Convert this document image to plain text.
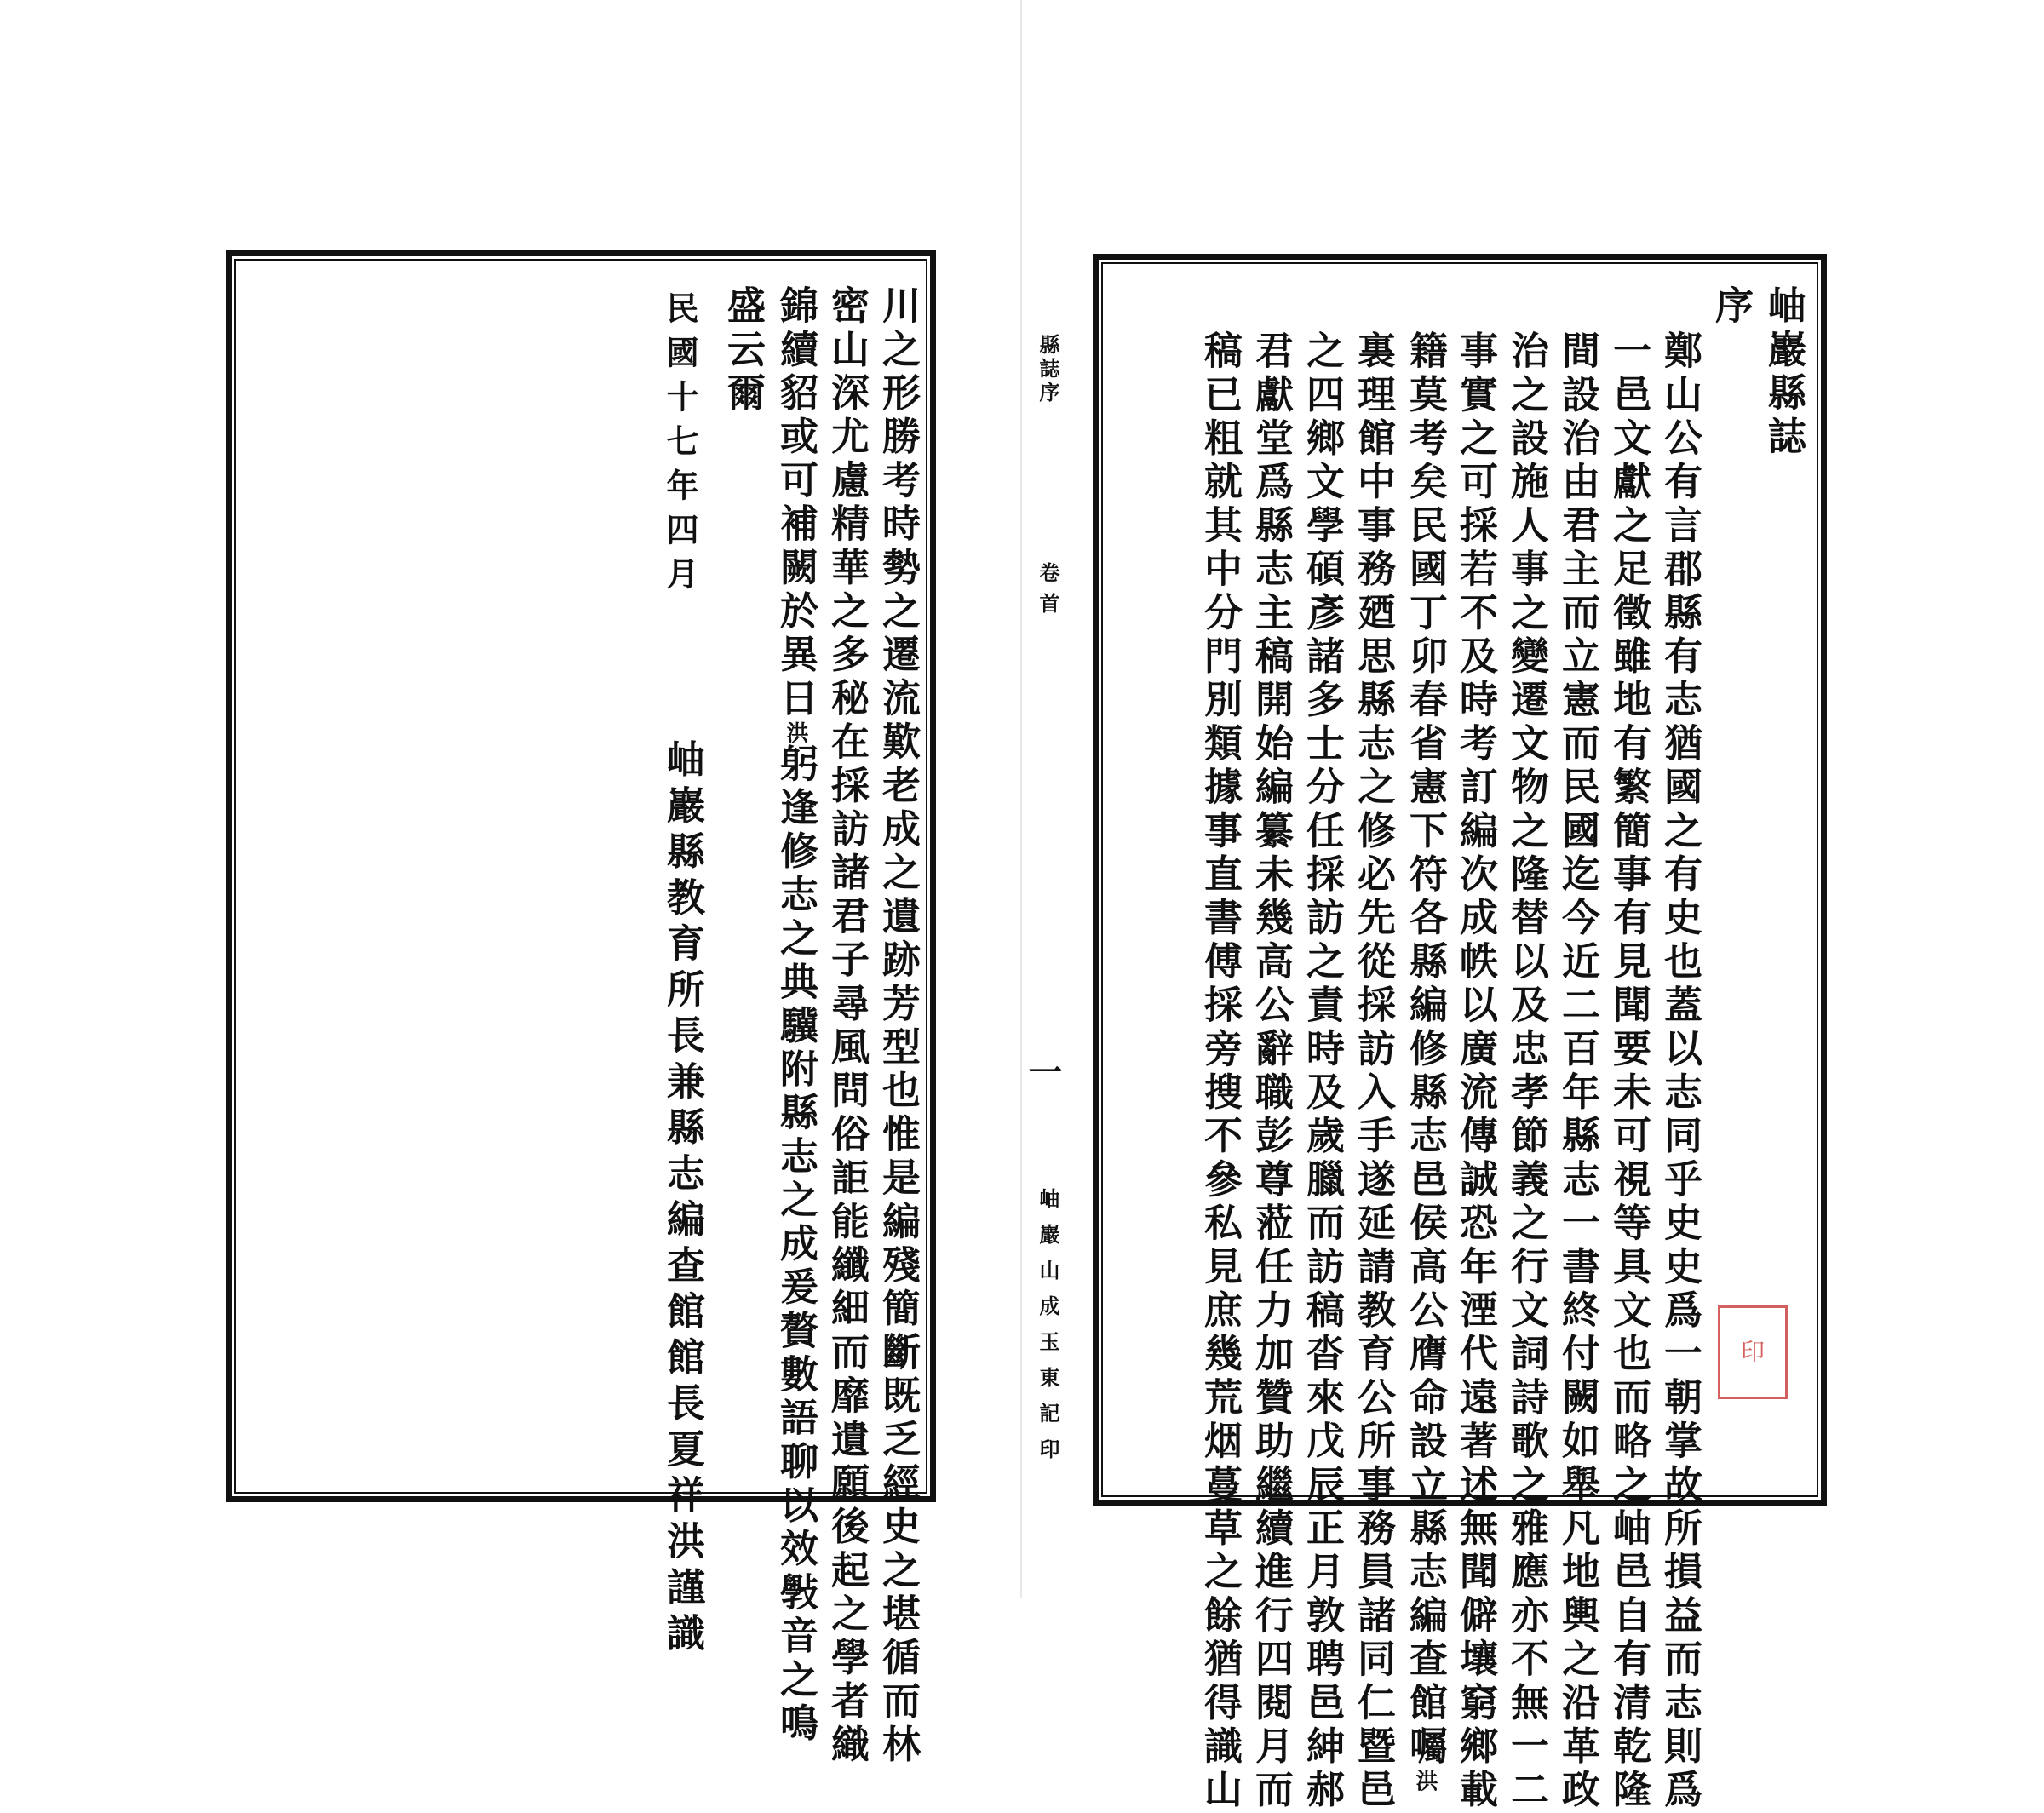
川之形勝考時勢之遷流歎老成之遺跡芳型也惟是編殘簡斷既乏經史之堪循而林
密山深尤慮精華之多秘在採訪諸君子尋風問俗詎能纖細而靡遺願後起之學者織
錦續貂或可補闕於異日洪躬逢修志之典驥附縣志之成爰贅數語聊以效斅音之鳴
盛云爾
民國十七年四月
岫巖縣教育所長兼縣志編查館館長夏祥洪謹識
縣誌序
卷首
一
岫巖山成玉東記印
岫巖縣誌
序
鄭山公有言郡縣有志猶國之有史也蓋以志同乎史史爲一朝掌故所損益而志則爲
一邑文獻之足徵雖地有繁簡事有見聞要未可視等具文也而略之岫邑自有清乾隆
間設治由君主而立憲而民國迄今近二百年縣志一書終付闕如舉凡地輿之沿革政
治之設施人事之變遷文物之隆替以及忠孝節義之行文詞詩歌之雅應亦不無一二
事實之可採若不及時考訂編次成帙以廣流傳誠恐年湮代遠著述無聞僻壤窮鄉載
籍莫考矣民國丁卯春省憲下符各縣編修縣志邑侯高公膺命設立縣志編查館囑洪
裏理館中事務廼思縣志之修必先從採訪入手遂延請教育公所事務員諸同仁暨邑
之四鄉文學碩彥諸多士分任採訪之責時及歲臘而訪稿沓來戊辰正月敦聘邑紳郝
君獻堂爲縣志主稿開始編纂未幾高公辭職彭尊蒞任力加贊助繼續進行四閱月而
稿已粗就其中分門別類據事直書傅採旁搜不參私見庶幾荒烟蔓草之餘猶得識山	印
